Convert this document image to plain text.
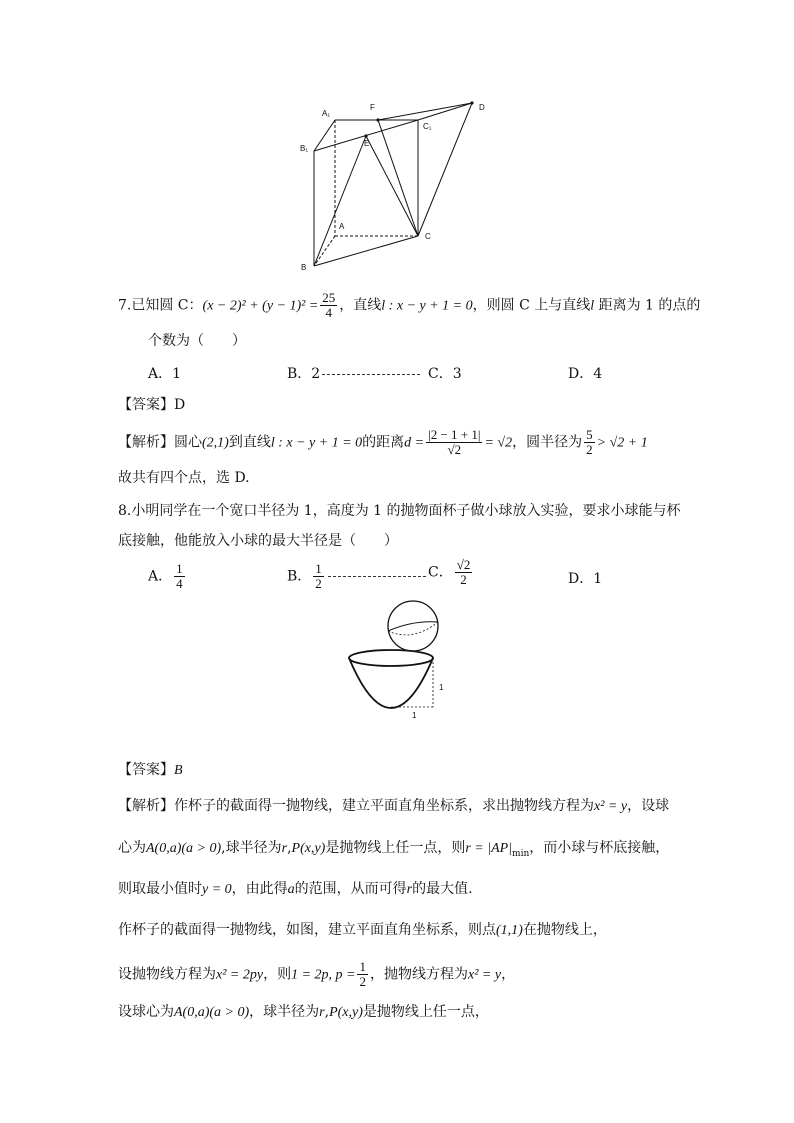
A₁
F	D
B₁
E
C₁
A
C
B
7.已知圆 C：$(x - 2)^2 + (y - 1)^2 = \frac{25}{4}$ ，直线l : x − y + 1 = 0，则圆 C 上与直线l 距离为 1 的点的
个数为（　　）
A．1	B．2	C．3	D．4
【答案】D
【解析】圆心(2,1)到直线l : x − y + 1 = 0的距离$d = \frac{|2 - 1 + 1|}{√2} = √2$，圆半径为 $\frac{5}{2} > √2 + 1$
故共有四个点，选 D.
8.小明同学在一个宽口半径为 1，高度为 1 的抛物面杯子做小球放入实验，要求小球能与杯
底接触，他能放入小球的最大半径是（　　）
A． $\frac{1}{4}$	B． $\frac{1}{2}$	C． $\frac{√2}{2}$	D．1
1
1
【答案】B
【解析】作杯子的截面得一抛物线，建立平面直角坐标系，求出抛物线方程为x² = y，设球
心为A(0,a)(a > 0),球半径为r,P(x,y)是抛物线上任一点，则$r = |AP|_{min}$，而小球与杯底接触，
则取最小值时y = 0，由此得a的范围，从而可得r的最大值.
作杯子的截面得一抛物线，如图，建立平面直角坐标系，则点(1,1)在抛物线上，
设抛物线方程为x² = 2py，则1 = 2p, $p = \frac{1}{2}$ ，抛物线方程为x² = y，
设球心为A(0,a)(a > 0)，球半径为r,P(x,y)是抛物线上任一点，
